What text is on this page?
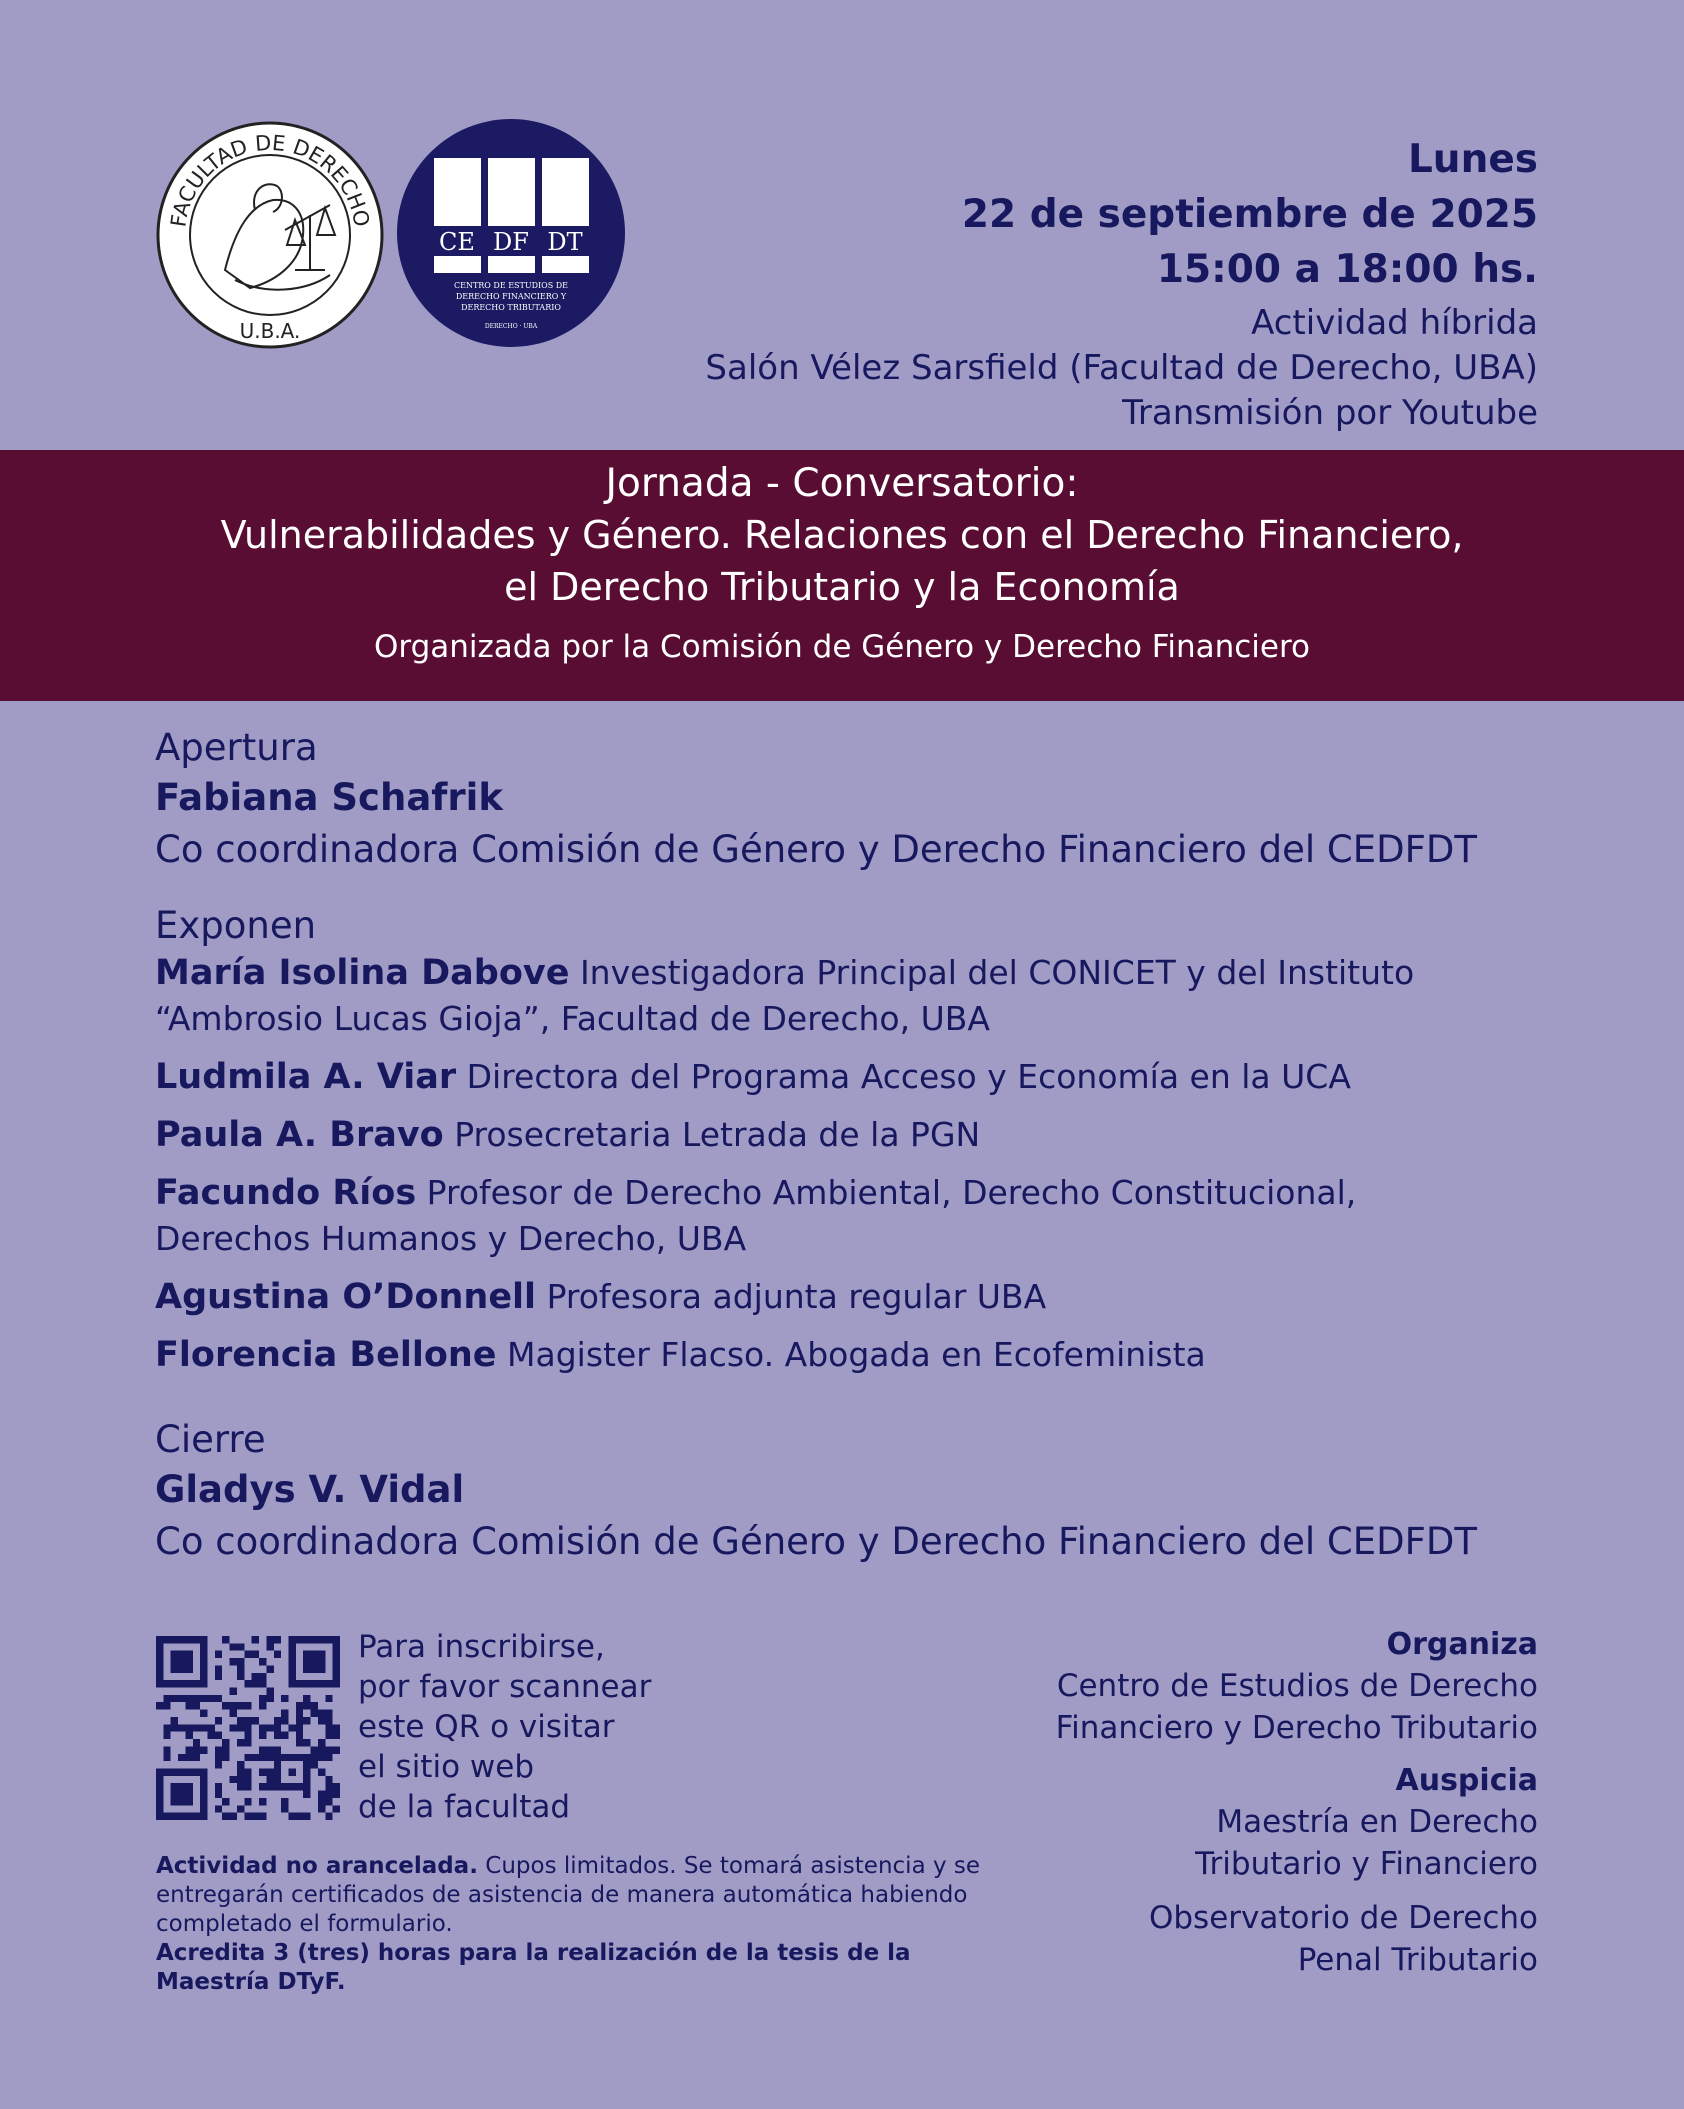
FACULTAD DE DERECHO
U.B.A.
CE DF DT
CENTRO DE ESTUDIOS DE
DERECHO FINANCIERO Y
DERECHO TRIBUTARIO
DERECHO · UBA
Lunes
22 de septiembre de 2025
15:00 a 18:00 hs.
Actividad híbrida
Salón Vélez Sarsfield (Facultad de Derecho, UBA)
Transmisión por Youtube
Jornada - Conversatorio:
Vulnerabilidades y Género. Relaciones con el Derecho Financiero,
el Derecho Tributario y la Economía
Organizada por la Comisión de Género y Derecho Financiero
Apertura
Fabiana Schafrik
Co coordinadora Comisión de Género y Derecho Financiero del CEDFDT
Exponen
María Isolina Dabove Investigadora Principal del CONICET y del Instituto
“Ambrosio Lucas Gioja”, Facultad de Derecho, UBA
Ludmila A. Viar Directora del Programa Acceso y Economía en la UCA
Paula A. Bravo Prosecretaria Letrada de la PGN
Facundo Ríos Profesor de Derecho Ambiental, Derecho Constitucional,
Derechos Humanos y Derecho, UBA
Agustina O’Donnell Profesora adjunta regular UBA
Florencia Bellone Magister Flacso. Abogada en Ecofeminista
Cierre
Gladys V. Vidal
Co coordinadora Comisión de Género y Derecho Financiero del CEDFDT
Para inscribirse,
por favor scannear
este QR o visitar
el sitio web
de la facultad
Actividad no arancelada. Cupos limitados. Se tomará asistencia y se entregarán certificados de asistencia de manera automática habiendo completado el formulario.
Acredita 3 (tres) horas para la realización de la tesis de la Maestría DTyF.
Organiza
Centro de Estudios de Derecho
Financiero y Derecho Tributario
Auspicia
Maestría en Derecho
Tributario y Financiero
Observatorio de Derecho
Penal Tributario
